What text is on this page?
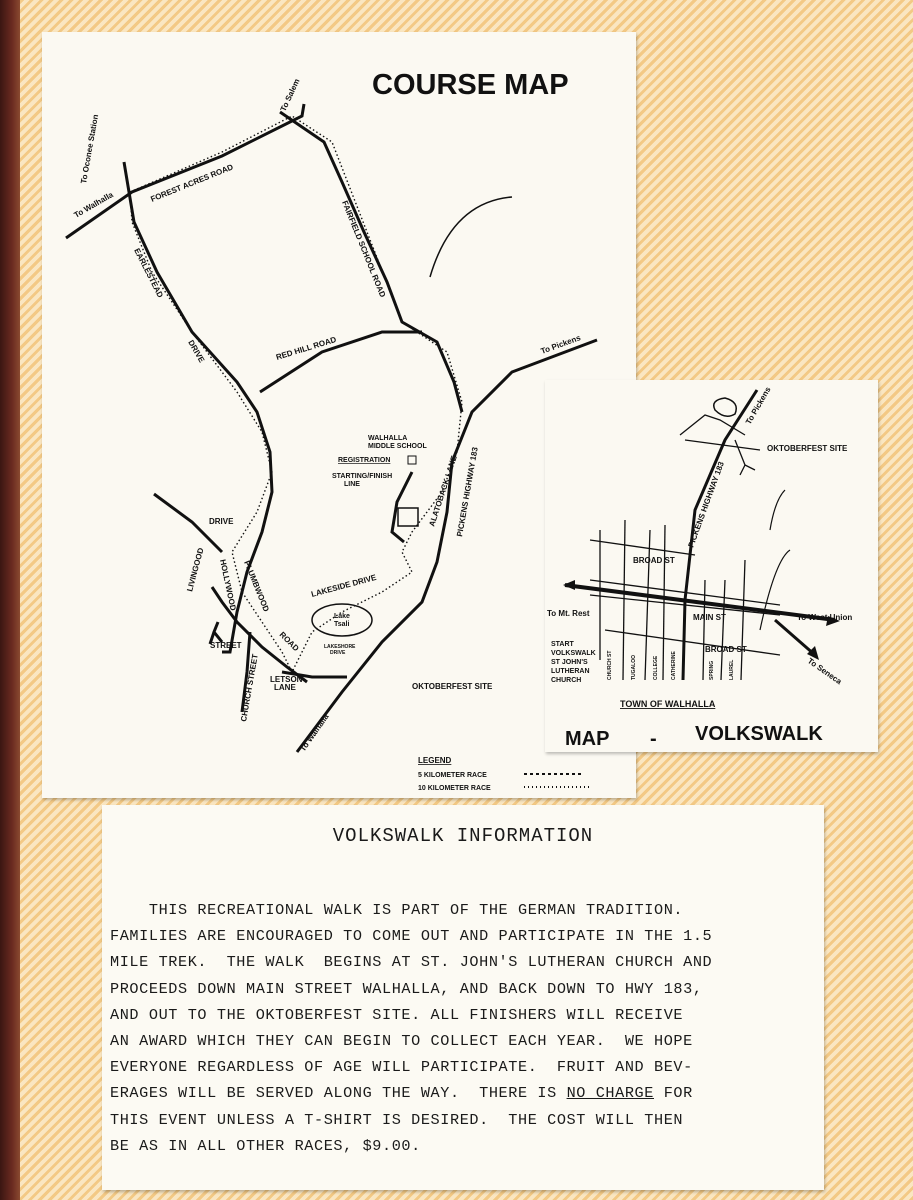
COURSE MAP
FOREST ACRES ROAD
FAIRFIELD SCHOOL ROAD
EARLESTEAD
DRIVE	RED HILL ROAD
PICKENS HIGHWAY 183
ALATOBACK LANE
LAKESIDE DRIVE
LIVINGOOD HOLLYWOOD PLUMBWOOD
ROAD
CHURCH STREET
DRIVE
STREET
LETSON
LANE
To Oconee Station
To Salem
To Walhalla
To Pickens
To Walhalla
WALHALLA
MIDDLE SCHOOL
REGISTRATION
STARTING/FINISH
LINE
Lake
Tsali
LAKESHORE
DRIVE
OKTOBERFEST SITE
LEGEND
5 KILOMETER RACE
10 KILOMETER RACE
OKTOBERFEST SITE
To Pickens
PICKENS HIGHWAY 183
BROAD ST
BROAD ST
MAIN ST
To Mt. Rest	To West Union
To Seneca
START
VOLKSWALK
ST JOHN'S
LUTHERAN
CHURCH
CHURCH ST	TUGALOO	COLLEGE CATHERINE	SPRING	LAUREL
TOWN OF WALHALLA
MAP - VOLKSWALK
VOLKSWALK INFORMATION
THIS RECREATIONAL WALK IS PART OF THE GERMAN TRADITION.
FAMILIES ARE ENCOURAGED TO COME OUT AND PARTICIPATE IN THE 1.5
MILE TREK.  THE WALK  BEGINS AT ST. JOHN'S LUTHERAN CHURCH AND
PROCEEDS DOWN MAIN STREET WALHALLA, AND BACK DOWN TO HWY 183,
AND OUT TO THE OKTOBERFEST SITE. ALL FINISHERS WILL RECEIVE
AN AWARD WHICH THEY CAN BEGIN TO COLLECT EACH YEAR.  WE HOPE
EVERYONE REGARDLESS OF AGE WILL PARTICIPATE.  FRUIT AND BEV-
ERAGES WILL BE SERVED ALONG THE WAY.  THERE IS NO CHARGE FOR
THIS EVENT UNLESS A T-SHIRT IS DESIRED.  THE COST WILL THEN
BE AS IN ALL OTHER RACES, $9.00.
